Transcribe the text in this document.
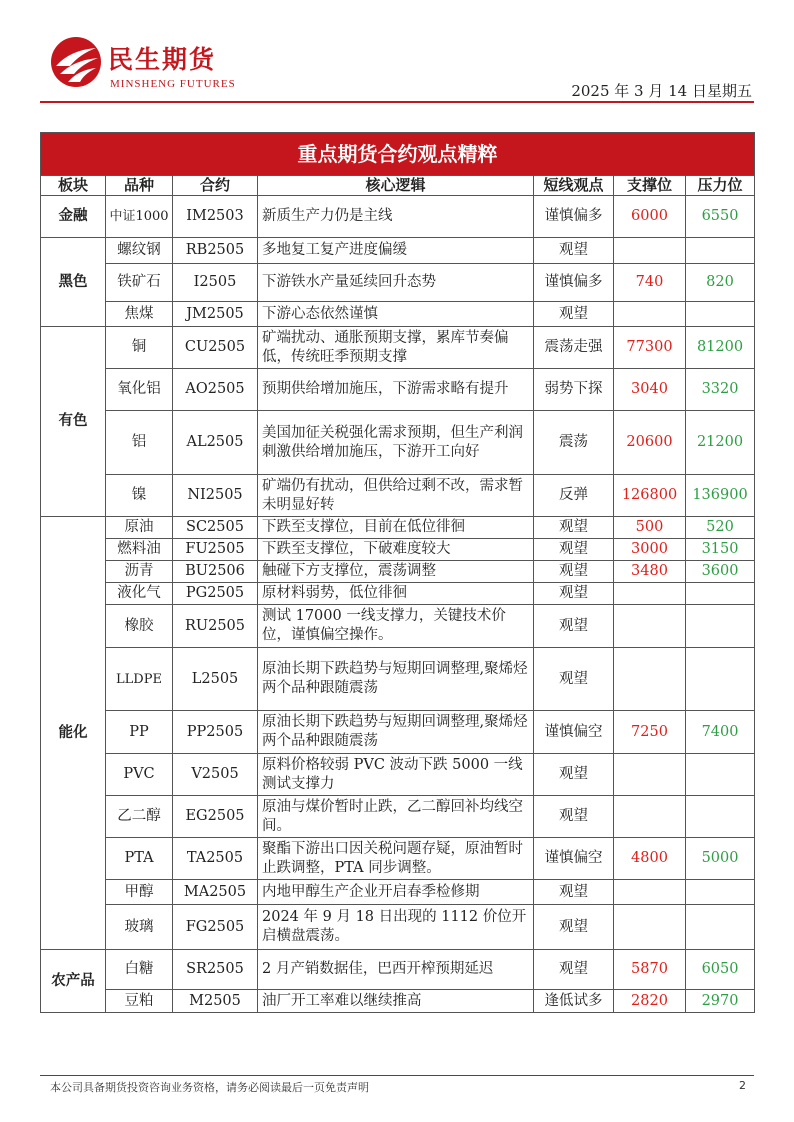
民生期货
MINSHENG FUTURES	2025 年 3 月 14 日星期五
重点期货合约观点精粹						
板块	品种	合约	核心逻辑	短线观点	支撑位	压力位
金融	中证1000	IM2503	新质生产力仍是主线	谨慎偏多	6000	6550
黑色	螺纹钢	RB2505	多地复工复产进度偏缓	观望		
	铁矿石	I2505	下游铁水产量延续回升态势	谨慎偏多	740	820
	焦煤	JM2505	下游心态依然谨慎	观望		
有色	铜	CU2505	矿端扰动、通胀预期支撑，累库节奏偏低，传统旺季预期支撑	震荡走强	77300	81200
	氧化铝	AO2505	预期供给增加施压，下游需求略有提升	弱势下探	3040	3320
	铝	AL2505	美国加征关税强化需求预期，但生产利润刺激供给增加施压，下游开工向好	震荡	20600	21200
	镍	NI2505	矿端仍有扰动，但供给过剩不改，需求暂未明显好转	反弹	126800	136900
能化	原油	SC2505	下跌至支撑位，目前在低位徘徊	观望	500	520
	燃料油	FU2505	下跌至支撑位，下破难度较大	观望	3000	3150
	沥青	BU2506	触碰下方支撑位，震荡调整	观望	3480	3600
	液化气	PG2505	原材料弱势，低位徘徊	观望		
	橡胶	RU2505	测试 17000 一线支撑力，关键技术价位，谨慎偏空操作。	观望		
	LLDPE	L2505	原油长期下跌趋势与短期回调整理,聚烯烃两个品种跟随震荡	观望		
	PP	PP2505	原油长期下跌趋势与短期回调整理,聚烯烃两个品种跟随震荡	谨慎偏空	7250	7400
	PVC	V2505	原料价格较弱 PVC 波动下跌 5000 一线测试支撑力	观望		
	乙二醇	EG2505	原油与煤价暂时止跌，乙二醇回补均线空间。	观望		
	PTA	TA2505	聚酯下游出口因关税问题存疑，原油暂时止跌调整，PTA 同步调整。	谨慎偏空	4800	5000
	甲醇	MA2505	内地甲醇生产企业开启春季检修期	观望		
	玻璃	FG2505	2024 年 9 月 18 日出现的 1112 价位开启横盘震荡。	观望		
农产品	白糖	SR2505	2 月产销数据佳，巴西开榨预期延迟	观望	5870	6050
	豆粕	M2505	油厂开工率难以继续推高	逢低试多	2820	2970
本公司具备期货投资咨询业务资格，请务必阅读最后一页免责声明	2
